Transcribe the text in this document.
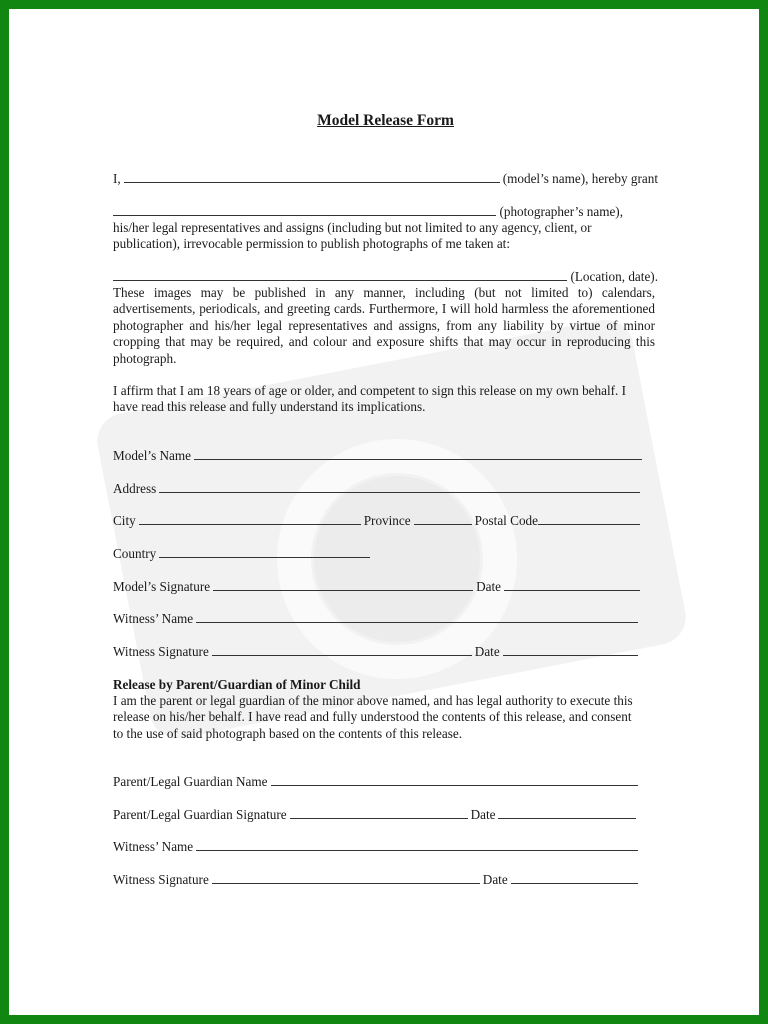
Model Release Form
I,	(model’s name), hereby grant
(photographer’s name),

his/her legal representatives and assigns (including but not limited to any agency, client, or publication), irrevocable permission to publish photographs of me taken at:

(Location, date).

These images may be published in any manner, including (but not limited to) calendars, advertisements, periodicals, and greeting cards. Furthermore, I will hold harmless the aforementioned photographer and his/her legal representatives and assigns, from any liability by virtue of minor cropping that may be required, and colour and exposure shifts that may occur in reproducing this photograph.

I affirm that I am 18 years of age or older, and competent to sign this release on my own behalf. I have read this release and fully understand its implications.

Model’s Name
Address
City	Province	Postal Code
Country
Model’s Signature	Date
Witness’ Name
Witness Signature	Date
Release by Parent/Guardian of Minor Child

I am the parent or legal guardian of the minor above named, and has legal authority to execute this release on his/her behalf. I have read and fully understood the contents of this release, and consent to the use of said photograph based on the contents of this release.

Parent/Legal Guardian Name
Parent/Legal Guardian Signature	Date
Witness’ Name
Witness Signature	Date
